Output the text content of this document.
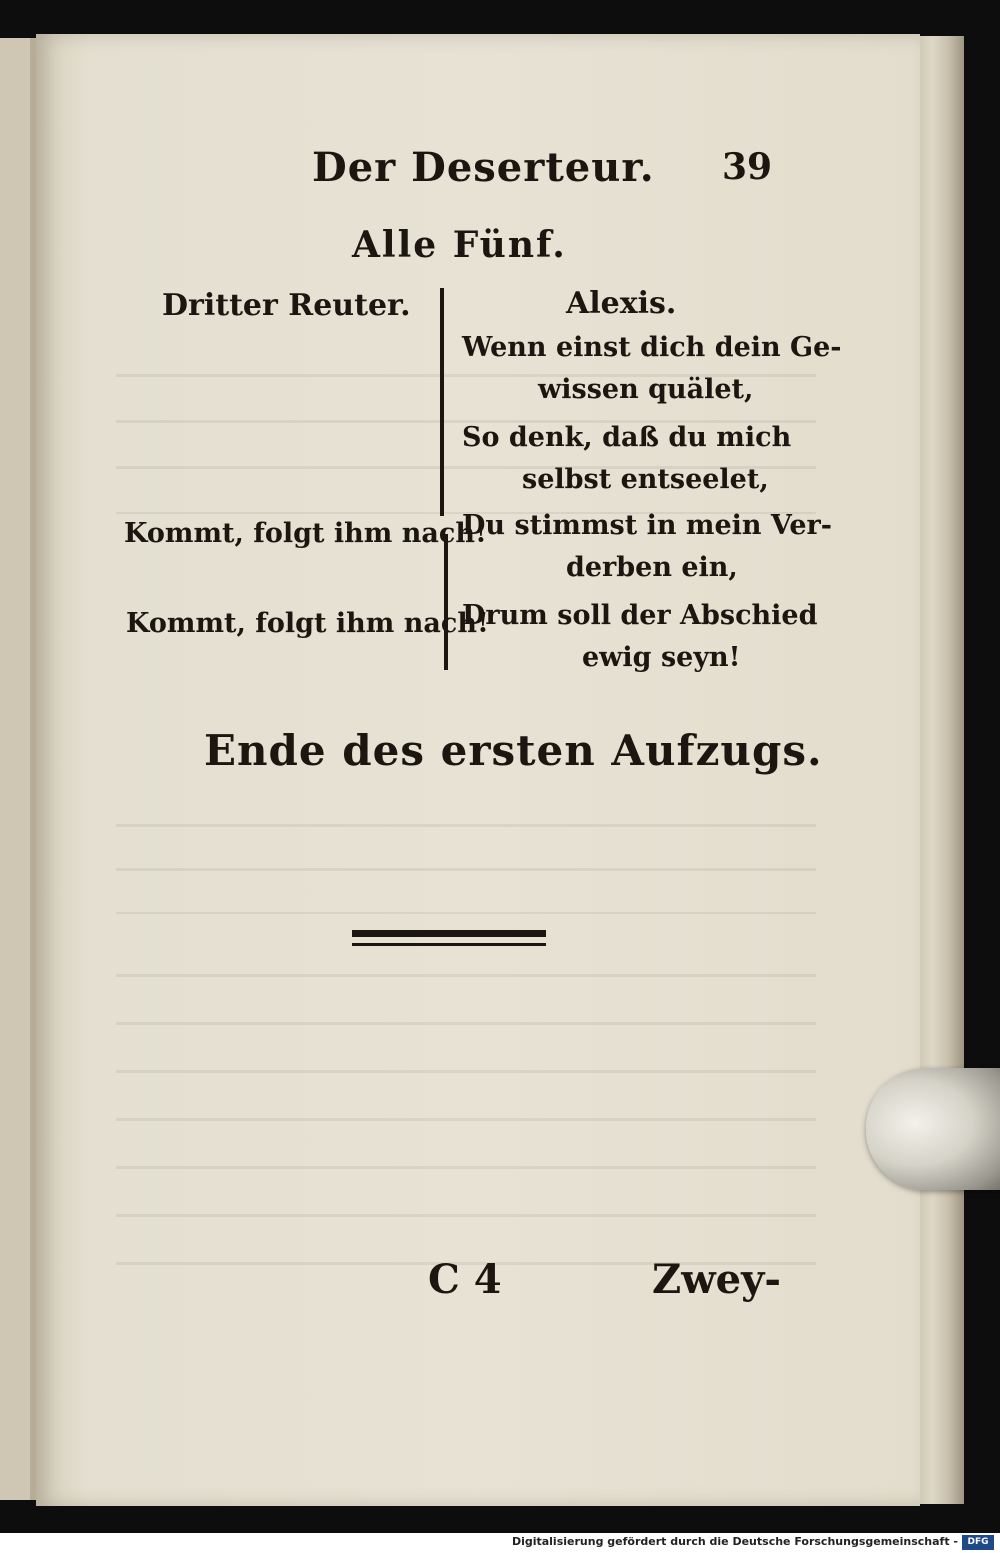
Der Deserteur. 39
Alle Fünf.
Dritter Reuter.	Alexis.
Wenn einst dich dein Ge-
wissen quälet,
So denk, daß du mich
selbst entseelet,
Du stimmst in mein Ver-
derben ein,
Drum soll der Abschied
ewig seyn!
Kommt, folgt ihm nach!
Kommt, folgt ihm nach!
Ende des ersten Aufzugs.
C 4	Zwey-
Digitalisierung gefördert durch die Deutsche Forschungsgemeinschaft -	DFG
